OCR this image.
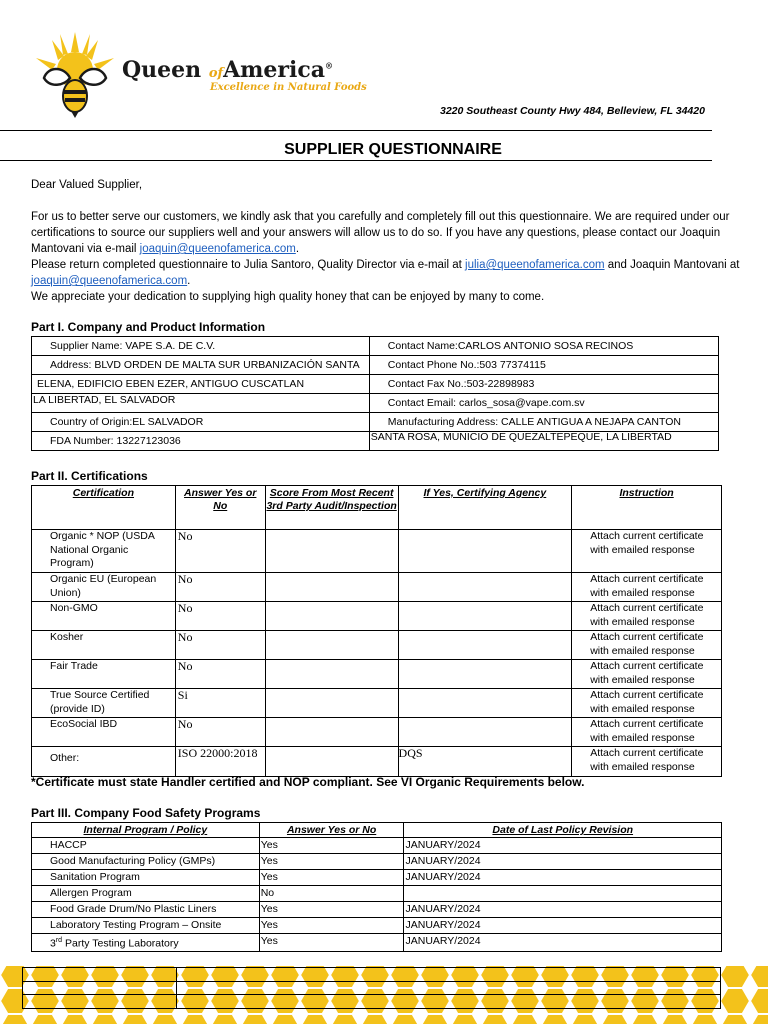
Queen ofAmerica®
Excellence in Natural Foods
3220 Southeast County Hwy 484, Belleview, FL 34420
SUPPLIER QUESTIONNAIRE
Dear Valued Supplier,
For us to better serve our customers, we kindly ask that you carefully and completely fill out this questionnaire. We are required under our certifications to source our suppliers well and your answers will allow us to do so. If you have any questions, please contact our Joaquin Mantovani via e-mail joaquin@queenofamerica.com.
Please return completed questionnaire to Julia Santoro, Quality Director via e-mail at julia@queenofamerica.com and Joaquin Mantovani at joaquin@queenofamerica.com.
We appreciate your dedication to supplying high quality honey that can be enjoyed by many to come.
Part I. Company and Product Information
Supplier Name: VAPE S.A. DE C.V.	Contact Name:CARLOS ANTONIO SOSA RECINOS
Address: BLVD ORDEN DE MALTA SUR URBANIZACIÓN SANTA	Contact Phone No.:503 77374115
ELENA, EDIFICIO EBEN EZER, ANTIGUO CUSCATLAN	Contact Fax No.:503-22898983
LA LIBERTAD, EL SALVADOR	Contact Email: carlos_sosa@vape.com.sv
Country of Origin:EL SALVADOR	Manufacturing Address: CALLE ANTIGUA A NEJAPA CANTON
FDA Number: 13227123036	SANTA ROSA, MUNICIO DE QUEZALTEPEQUE, LA LIBERTAD
Part II. Certifications
Certification	Answer Yes or No	Score From Most Recent 3rd Party Audit/Inspection	If Yes, Certifying Agency	Instruction
Organic * NOP (USDA National Organic Program)	No			Attach current certificate with emailed response
Organic EU (European Union)	No			Attach current certificate with emailed response
Non-GMO	No			Attach current certificate with emailed response
Kosher	No			Attach current certificate with emailed response
Fair Trade	No			Attach current certificate with emailed response
True Source Certified (provide ID)	Si			Attach current certificate with emailed response
EcoSocial IBD	No			Attach current certificate with emailed response
Other:	ISO 22000:2018		DQS	Attach current certificate with emailed response
*Certificate must state Handler certified and NOP compliant. See VI Organic Requirements below.
Part III. Company Food Safety Programs
Internal Program / Policy	Answer Yes or No	Date of Last Policy Revision
HACCP	Yes	JANUARY/2024
Good Manufacturing Policy (GMPs)	Yes	JANUARY/2024
Sanitation Program	Yes	JANUARY/2024
Allergen Program	No	
Food Grade Drum/No Plastic Liners	Yes	JANUARY/2024
Laboratory Testing Program – Onsite	Yes	JANUARY/2024
3rd Party Testing Laboratory	Yes	JANUARY/2024
